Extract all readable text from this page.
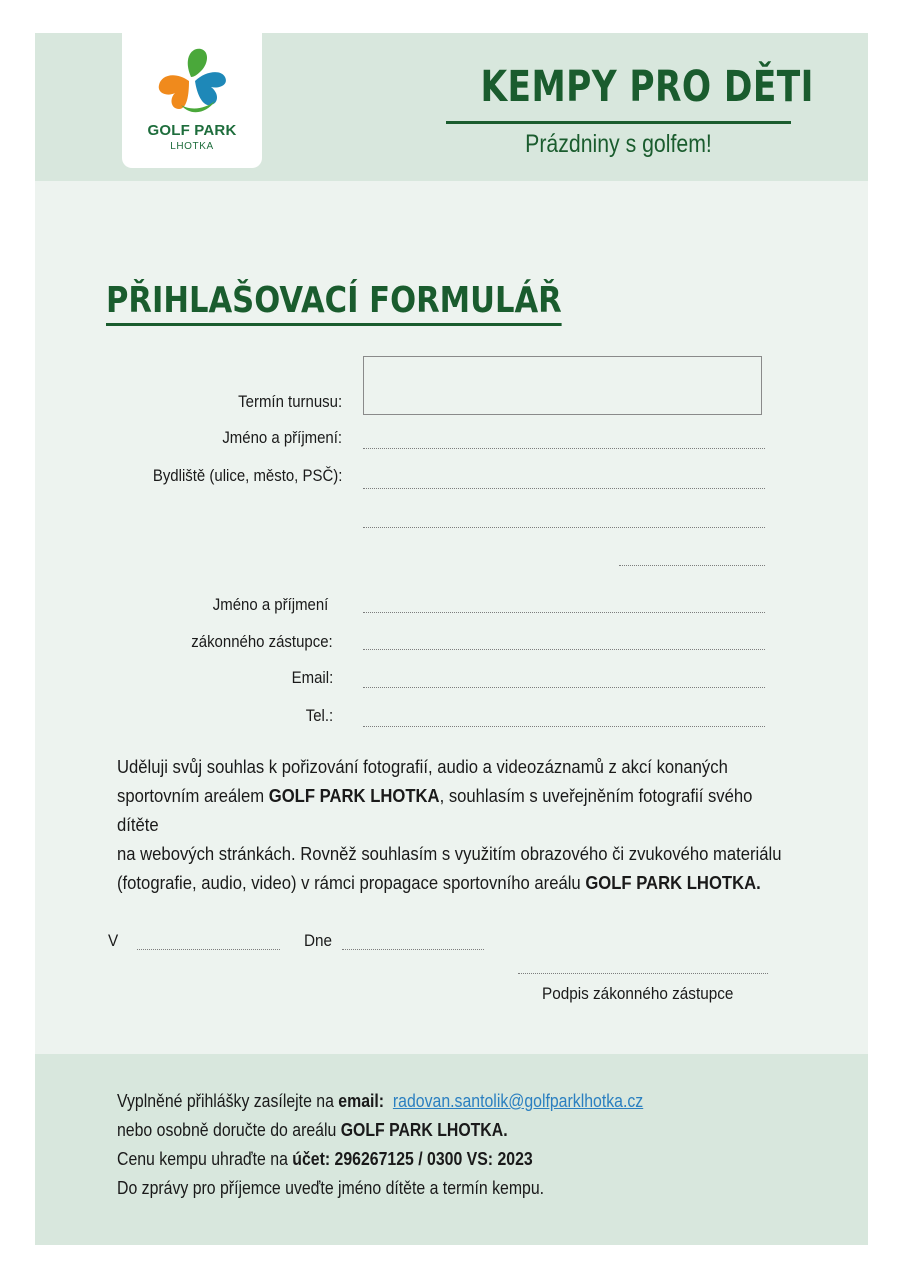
GOLF PARK
LHOTKA
KEMPY PRO DĚTI
Prázdniny s golfem!
PŘIHLAŠOVACÍ FORMULÁŘ
Termín turnusu:
Jméno a příjmení:
Bydliště (ulice, město, PSČ):
Jméno a příjmení
zákonného zástupce:
Email:
Tel.:
Uděluji svůj souhlas k pořizování fotografií, audio a videozáznamů z akcí konaných
sportovním areálem GOLF PARK LHOTKA, souhlasím s uveřejněním fotografií svého dítěte
na webových stránkách. Rovněž souhlasím s využitím obrazového či zvukového materiálu
(fotografie, audio, video) v rámci propagace sportovního areálu GOLF PARK LHOTKA.
V	Dne
Podpis zákonného zástupce
Vyplněné přihlášky zasílejte na email: radovan.santolik@golfparklhotka.cz
nebo osobně doručte do areálu GOLF PARK LHOTKA.
Cenu kempu uhraďte na účet: 296267125 / 0300 VS: 2023
Do zprávy pro příjemce uveďte jméno dítěte a termín kempu.
